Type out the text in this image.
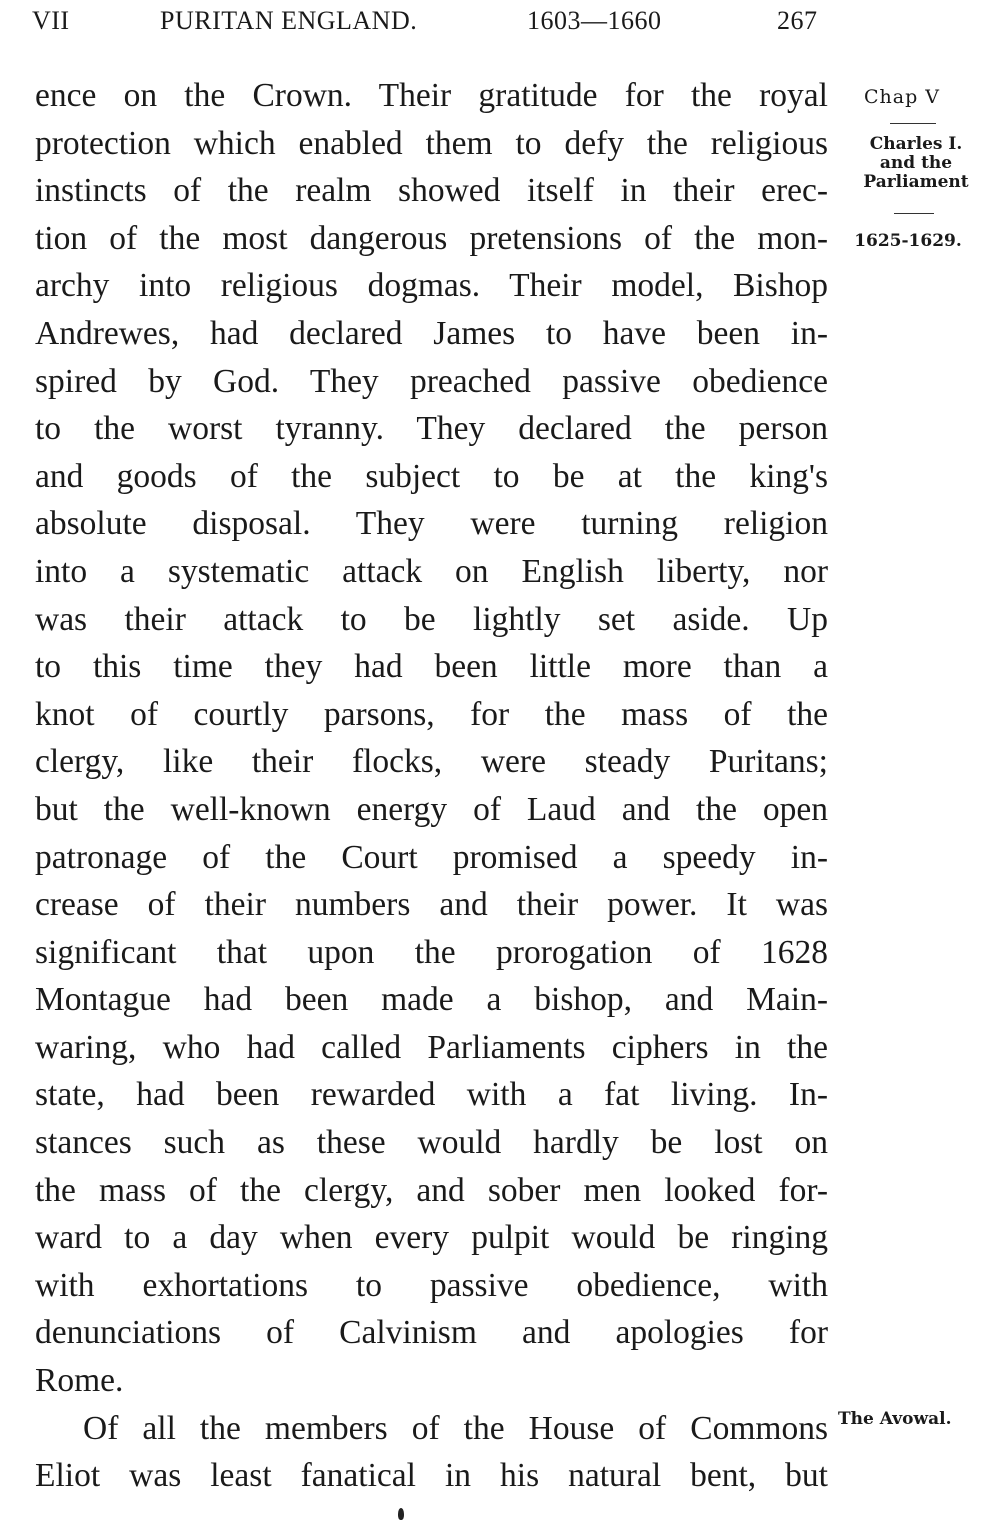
VII	PURITAN ENGLAND.	1603—1660	267
ence on the Crown. Their gratitude for the royal
protection which enabled them to defy the religious
instincts of the realm showed itself in their erec-
tion of the most dangerous pretensions of the mon-
archy into religious dogmas. Their model, Bishop
Andrewes, had declared James to have been in-
spired by God. They preached passive obedience
to the worst tyranny. They declared the person
and goods of the subject to be at the king's
absolute disposal. They were turning religion
into a systematic attack on English liberty, nor
was their attack to be lightly set aside. Up
to this time they had been little more than a
knot of courtly parsons, for the mass of the
clergy, like their flocks, were steady Puritans;
but the well-known energy of Laud and the open
patronage of the Court promised a speedy in-
crease of their numbers and their power. It was
significant that upon the prorogation of 1628
Montague had been made a bishop, and Main-
waring, who had called Parliaments ciphers in the
state, had been rewarded with a fat living. In-
stances such as these would hardly be lost on
the mass of the clergy, and sober men looked for-
ward to a day when every pulpit would be ringing
with exhortations to passive obedience, with
denunciations of Calvinism and apologies for
Rome.
Of all the members of the House of Commons
Eliot was least fanatical in his natural bent, but
Chap V
Charles I.
and the
Parliament
1625-1629.
The Avowal.
